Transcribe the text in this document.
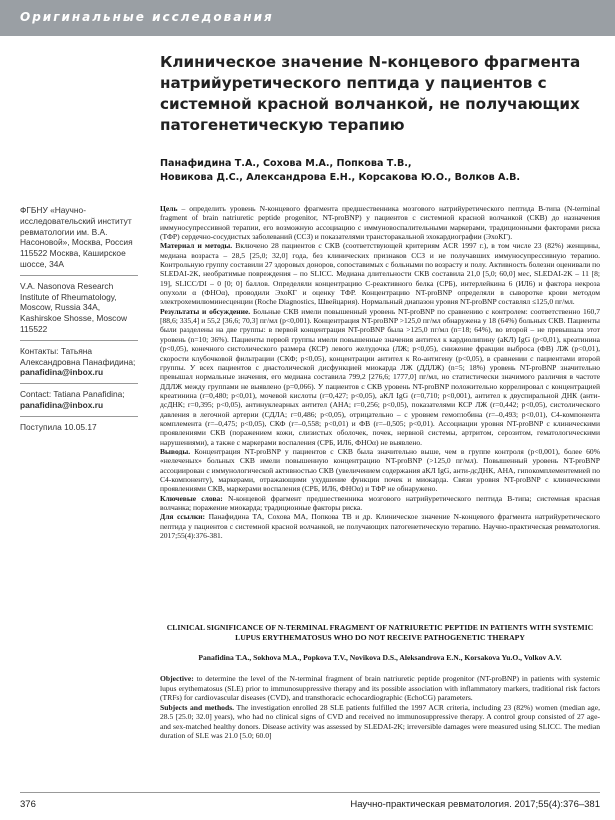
Оригинальные исследования
Клиническое значение N-концевого фрагмента натрийуретического пептида у пациентов с системной красной волчанкой, не получающих патогенетическую терапию
Панафидина Т.А., Сохова М.А., Попкова Т.В.,
Новикова Д.С., Александрова Е.Н., Корсакова Ю.О., Волков А.В.

ФГБНУ «Научно-исследовательский институт ревматологии им. В.А. Насоновой», Москва, Россия 115522 Москва, Каширское шоссе, 34А

V.A. Nasonova Research Institute of Rheumatology, Moscow, Russia 34A, Kashirskoe Shosse, Moscow 115522

Контакты: Татьяна Александровна Панафидина;
panafidina@inbox.ru

Contact: Tatiana Panafidina;
panafidina@inbox.ru

Поступила 10.05.17

Цель – определить уровень N-концевого фрагмента предшественника мозгового натрийуретического пептида В-типа (N-terminal fragment of brain natriuretic peptide progenitor, NT-proBNP) у пациентов с системной красной волчанкой (СКВ) до назначения иммуносупрессивной терапии, его возможную ассоциацию с иммуновоспалительными маркерами, традиционными факторами риска (ТФР) сердечно-сосудистых заболеваний (ССЗ) и показателями трансторакальной эхокардиографии (ЭхоКГ).

Материал и методы. Включено 28 пациентов с СКВ (соответствующей критериям ACR 1997 г.), в том числе 23 (82%) женщины, медиана возраста – 28,5 [25,0; 32,0] года, без клинических признаков ССЗ и не получавших иммуносупрессивную терапию. Контрольную группу составили 27 здоровых доноров, сопоставимых с больными по возрасту и полу. Активность болезни оценивали по SLEDAI-2K, необратимые повреждения – по SLICC. Медиана длительности СКВ составила 21,0 [5,0; 60,0] мес, SLEDAI-2K – 11 [8; 19], SLICC/DI – 0 [0; 0] баллов. Определяли концентрацию С-реактивного белка (СРБ), интерлейкина 6 (ИЛ6) и фактора некроза опухоли α (ФНОα), проводили ЭхоКГ и оценку ТФР. Концентрацию NT-proBNP определяли в сыворотке крови методом электрохемилюминесценции (Roche Diagnostics, Швейцария). Нормальный диапазон уровня NT-proBNP составлял ≤125,0 пг/мл.

Результаты и обсуждение. Больные СКВ имели повышенный уровень NT-proBNP по сравнению с контролем: соответственно 160,7 [88,6; 335,4] и 55,2 [36,6; 70,3] пг/мл (p<0,001). Концентрация NT-proBNP >125,0 пг/мл обнаружена у 18 (64%) больных СКВ. Пациенты были разделены на две группы: в первой концентрация NT-proBNP была >125,0 пг/мл (n=18; 64%), во второй – не превышала этот уровень (n=10; 36%). Пациенты первой группы имели повышенные значения антител к кардиолипину (аКЛ) IgG (p<0,01), креатинина (p<0,05), конечного систолического размера (КСР) левого желудочка (ЛЖ; p<0,05), снижение фракции выброса (ФВ) ЛЖ (p<0,01), скорости клубочковой фильтрации (СКФ; p<0,05), концентрации антител к Ro-антигену (p<0,05), в сравнении с пациентами второй группы. У всех пациентов с диастолической дисфункцией миокарда ЛЖ (ДДЛЖ) (n=5; 18%) уровень NT-proBNP значительно превышал нормальные значения, его медиана составила 799,2 [276,6; 1777,0] пг/мл, но статистически значимого различия в частоте ДДЛЖ между группами не выявлено (p=0,066). У пациентов с СКВ уровень NT-proBNP положительно коррелировал с концентрацией креатинина (r=0,480; p<0,01), мочевой кислоты (r=0,427; p<0,05), аКЛ IgG (r=0,710; p<0,001), антител к двуспиральной ДНК (анти-дсДНК; r=0,395; p<0,05), антинуклеарных антител (АНА; r=0,256; p<0,05), показателями КСР ЛЖ (r=0,442; p<0,05), систолического давления в легочной артерии (СДЛА; r=0,486; p<0,05), отрицательно – с уровнем гемоглобина (r=–0,493; p<0,01), С4-компонента комплемента (r=–0,475; p<0,05), СКФ (r=–0,558; p<0,01) и ФВ (r=–0,505; p<0,01). Ассоциации уровня NT-proBNP с клиническими проявлениями СКВ (поражением кожи, слизистых оболочек, почек, нервной системы, артритом, серозитом, гематологическими нарушениями), а также с маркерами воспаления (СРБ, ИЛ6, ФНОα) не выявлено.

Выводы. Концентрация NT-proBNP у пациентов с СКВ была значительно выше, чем в группе контроля (p<0,001), более 60% «нелеченых» больных СКВ имели повышенную концентрацию NT-proBNP (>125,0 пг/мл). Повышенный уровень NT-proBNP ассоциирован с иммунологической активностью СКВ (увеличением содержания аКЛ IgG, анти-дсДНК, АНА, гипокомплементемией по С4-компоненту), маркерами, отражающими ухудшение функции почек и миокарда. Связи уровня NT-proBNP с клиническими проявлениями СКВ, маркерами воспаления (СРБ, ИЛ6, ФНОα) и ТФР не обнаружено.

Ключевые слова: N-концевой фрагмент предшественника мозгового натрийуретического пептида В-типа; системная красная волчанка; поражение миокарда; традиционные факторы риска.

Для ссылки: Панафидина ТА, Сохова МА, Попкова ТВ и др. Клиническое значение N-концевого фрагмента натрийуретического пептида у пациентов с системной красной волчанкой, не получающих патогенетическую терапию. Научно-практическая ревматология. 2017;55(4):376-381.

CLINICAL SIGNIFICANCE OF N-TERMINAL FRAGMENT OF NATRIURETIC PEPTIDE IN PATIENTS WITH SYSTEMIC LUPUS ERYTHEMATOSUS WHO DO NOT RECEIVE PATHOGENETIC THERAPY
Panafidina T.A., Sokhova M.A., Popkova T.V., Novikova D.S., Aleksandrova E.N., Korsakova Yu.O., Volkov A.V.

Objective: to determine the level of the N-terminal fragment of brain natriuretic peptide progenitor (NT-proBNP) in patients with systemic lupus erythematosus (SLE) prior to immunosuppressive therapy and its possible association with inflammatory markers, traditional risk factors (TRFs) for cardiovascular diseases (CVD), and transthoracic echocardiographic (EchoCG) parameters.

Subjects and methods. The investigation enrolled 28 SLE patients fulfilled the 1997 ACR criteria, including 23 (82%) women (median age, 28.5 [25.0; 32.0] years), who had no clinical signs of CVD and received no immunosuppressive therapy. A control group consisted of 27 age-and sex-matched healthy donors. Disease activity was assessed by SLEDAI-2K; irreversible damages were measured using SLICC. The median duration of SLE was 21.0 [5.0; 60.0]

376	Научно-практическая ревматология. 2017;55(4):376–381
